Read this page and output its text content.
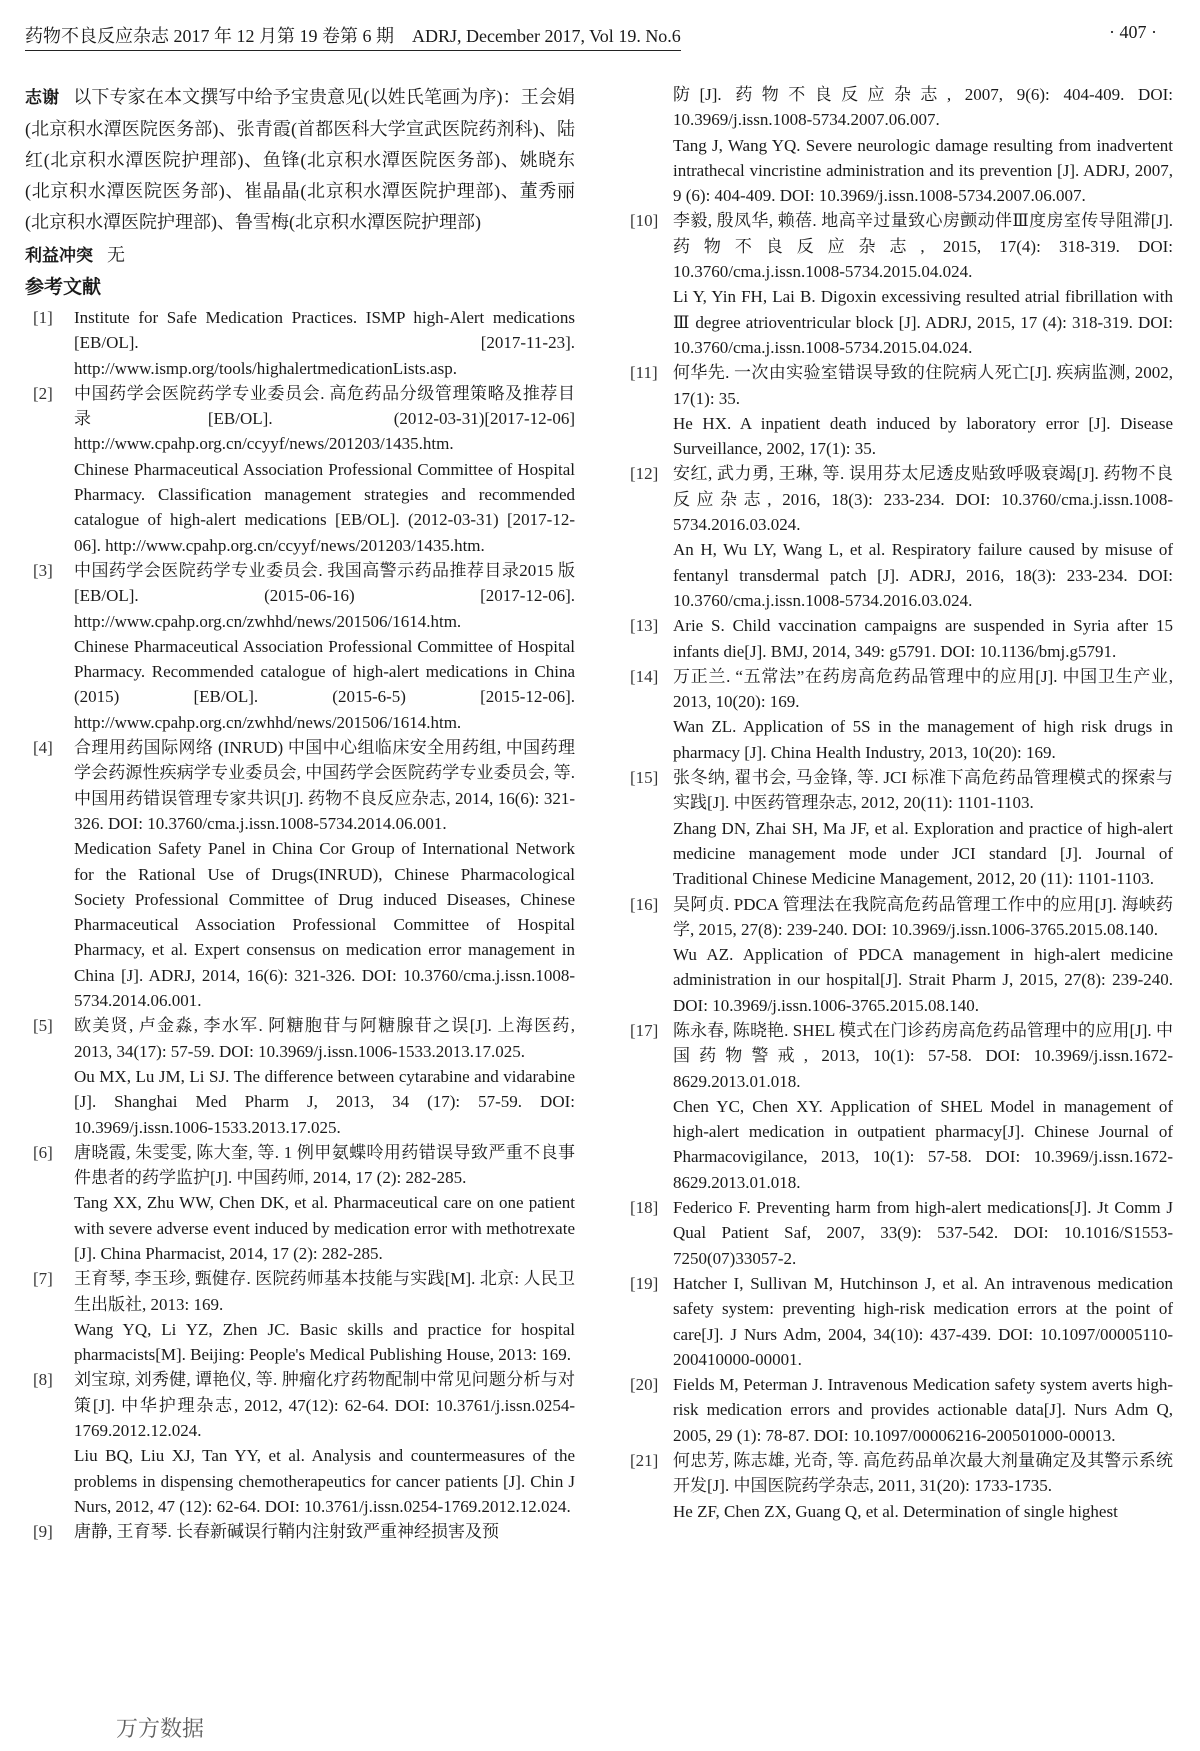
药物不良反应杂志 2017 年 12 月第 19 卷第 6 期　ADRJ, December 2017, Vol 19. No.6	· 407 ·
志谢 以下专家在本文撰写中给予宝贵意见(以姓氏笔画为序)：王会娟(北京积水潭医院医务部)、张青霞(首都医科大学宣武医院药剂科)、陆红(北京积水潭医院护理部)、鱼锋(北京积水潭医院医务部)、姚晓东(北京积水潭医院医务部)、崔晶晶(北京积水潭医院护理部)、董秀丽(北京积水潭医院护理部)、鲁雪梅(北京积水潭医院护理部)
利益冲突 无
参考文献
[1] Institute for Safe Medication Practices. ISMP high-Alert medications [EB/OL]. [2017-11-23]. http://www.ismp.org/tools/highalertmedicationLists.asp.

[2] 中国药学会医院药学专业委员会. 高危药品分级管理策略及推荐目录[EB/OL]. (2012-03-31)[2017-12-06] http://www.cpahp.org.cn/ccyyf/news/201203/1435.htm.

Chinese Pharmaceutical Association Professional Committee of Hospital Pharmacy. Classification management strategies and recommended catalogue of high-alert medications [EB/OL]. (2012-03-31) [2017-12-06]. http://www.cpahp.org.cn/ccyyf/news/201203/1435.htm.

[3] 中国药学会医院药学专业委员会. 我国高警示药品推荐目录2015 版[EB/OL]. (2015-06-16) [2017-12-06]. http://www.cpahp.org.cn/zwhhd/news/201506/1614.htm.

Chinese Pharmaceutical Association Professional Committee of Hospital Pharmacy. Recommended catalogue of high-alert medications in China (2015) [EB/OL]. (2015-6-5) [2015-12-06]. http://www.cpahp.org.cn/zwhhd/news/201506/1614.htm.

[4] 合理用药国际网络 (INRUD) 中国中心组临床安全用药组, 中国药理学会药源性疾病学专业委员会, 中国药学会医院药学专业委员会, 等. 中国用药错误管理专家共识[J]. 药物不良反应杂志, 2014, 16(6): 321-326. DOI: 10.3760/cma.j.issn.1008-5734.2014.06.001.

Medication Safety Panel in China Cor Group of International Network for the Rational Use of Drugs(INRUD), Chinese Pharmacological Society Professional Committee of Drug induced Diseases, Chinese Pharmaceutical Association Professional Committee of Hospital Pharmacy, et al. Expert consensus on medication error management in China [J]. ADRJ, 2014, 16(6): 321-326. DOI: 10.3760/cma.j.issn.1008-5734.2014.06.001.

[5] 欧美贤, 卢金淼, 李水军. 阿糖胞苷与阿糖腺苷之误[J]. 上海医药, 2013, 34(17): 57-59. DOI: 10.3969/j.issn.1006-1533.2013.17.025.

Ou MX, Lu JM, Li SJ. The difference between cytarabine and vidarabine [J]. Shanghai Med Pharm J, 2013, 34 (17): 57-59. DOI: 10.3969/j.issn.1006-1533.2013.17.025.

[6] 唐晓霞, 朱雯雯, 陈大奎, 等. 1 例甲氨蝶呤用药错误导致严重不良事件患者的药学监护[J]. 中国药师, 2014, 17 (2): 282-285.

Tang XX, Zhu WW, Chen DK, et al. Pharmaceutical care on one patient with severe adverse event induced by medication error with methotrexate [J]. China Pharmacist, 2014, 17 (2): 282-285.

[7] 王育琴, 李玉珍, 甄健存. 医院药师基本技能与实践[M]. 北京: 人民卫生出版社, 2013: 169.

Wang YQ, Li YZ, Zhen JC. Basic skills and practice for hospital pharmacists[M]. Beijing: People's Medical Publishing House, 2013: 169.

[8] 刘宝琼, 刘秀健, 谭艳仪, 等. 肿瘤化疗药物配制中常见问题分析与对策[J]. 中华护理杂志, 2012, 47(12): 62-64. DOI: 10.3761/j.issn.0254-1769.2012.12.024.

Liu BQ, Liu XJ, Tan YY, et al. Analysis and countermeasures of the problems in dispensing chemotherapeutics for cancer patients [J]. Chin J Nurs, 2012, 47 (12): 62-64. DOI: 10.3761/j.issn.0254-1769.2012.12.024.

[9] 唐静, 王育琴. 长春新碱误行鞘内注射致严重神经损害及预

防[J]. 药物不良反应杂志, 2007, 9(6): 404-409. DOI: 10.3969/j.issn.1008-5734.2007.06.007.

Tang J, Wang YQ. Severe neurologic damage resulting from inadvertent intrathecal vincristine administration and its prevention [J]. ADRJ, 2007, 9 (6): 404-409. DOI: 10.3969/j.issn.1008-5734.2007.06.007.

[10] 李毅, 殷凤华, 赖蓓. 地高辛过量致心房颤动伴Ⅲ度房室传导阻滞[J]. 药物不良反应杂志, 2015, 17(4): 318-319. DOI: 10.3760/cma.j.issn.1008-5734.2015.04.024.

Li Y, Yin FH, Lai B. Digoxin excessiving resulted atrial fibrillation with Ⅲ degree atrioventricular block [J]. ADRJ, 2015, 17 (4): 318-319. DOI: 10.3760/cma.j.issn.1008-5734.2015.04.024.

[11] 何华先. 一次由实验室错误导致的住院病人死亡[J]. 疾病监测, 2002, 17(1): 35.

He HX. A inpatient death induced by laboratory error [J]. Disease Surveillance, 2002, 17(1): 35.

[12] 安红, 武力勇, 王琳, 等. 误用芬太尼透皮贴致呼吸衰竭[J]. 药物不良反应杂志, 2016, 18(3): 233-234. DOI: 10.3760/cma.j.issn.1008-5734.2016.03.024.

An H, Wu LY, Wang L, et al. Respiratory failure caused by misuse of fentanyl transdermal patch [J]. ADRJ, 2016, 18(3): 233-234. DOI: 10.3760/cma.j.issn.1008-5734.2016.03.024.

[13] Arie S. Child vaccination campaigns are suspended in Syria after 15 infants die[J]. BMJ, 2014, 349: g5791. DOI: 10.1136/bmj.g5791.

[14] 万正兰. “五常法”在药房高危药品管理中的应用[J]. 中国卫生产业, 2013, 10(20): 169.

Wan ZL. Application of 5S in the management of high risk drugs in pharmacy [J]. China Health Industry, 2013, 10(20): 169.

[15] 张冬纳, 翟书会, 马金锋, 等. JCI 标准下高危药品管理模式的探索与实践[J]. 中医药管理杂志, 2012, 20(11): 1101-1103.

Zhang DN, Zhai SH, Ma JF, et al. Exploration and practice of high-alert medicine management mode under JCI standard [J]. Journal of Traditional Chinese Medicine Management, 2012, 20 (11): 1101-1103.

[16] 吴阿贞. PDCA 管理法在我院高危药品管理工作中的应用[J]. 海峡药学, 2015, 27(8): 239-240. DOI: 10.3969/j.issn.1006-3765.2015.08.140.

Wu AZ. Application of PDCA management in high-alert medicine administration in our hospital[J]. Strait Pharm J, 2015, 27(8): 239-240. DOI: 10.3969/j.issn.1006-3765.2015.08.140.

[17] 陈永春, 陈晓艳. SHEL 模式在门诊药房高危药品管理中的应用[J]. 中国药物警戒, 2013, 10(1): 57-58. DOI: 10.3969/j.issn.1672-8629.2013.01.018.

Chen YC, Chen XY. Application of SHEL Model in management of high-alert medication in outpatient pharmacy[J]. Chinese Journal of Pharmacovigilance, 2013, 10(1): 57-58. DOI: 10.3969/j.issn.1672-8629.2013.01.018.

[18] Federico F. Preventing harm from high-alert medications[J]. Jt Comm J Qual Patient Saf, 2007, 33(9): 537-542. DOI: 10.1016/S1553-7250(07)33057-2.

[19] Hatcher I, Sullivan M, Hutchinson J, et al. An intravenous medication safety system: preventing high-risk medication errors at the point of care[J]. J Nurs Adm, 2004, 34(10): 437-439. DOI: 10.1097/00005110-200410000-00001.

[20] Fields M, Peterman J. Intravenous Medication safety system averts high-risk medication errors and provides actionable data[J]. Nurs Adm Q, 2005, 29 (1): 78-87. DOI: 10.1097/00006216-200501000-00013.

[21] 何忠芳, 陈志雄, 光奇, 等. 高危药品单次最大剂量确定及其警示系统开发[J]. 中国医院药学杂志, 2011, 31(20): 1733-1735.

He ZF, Chen ZX, Guang Q, et al. Determination of single highest

万方数据
